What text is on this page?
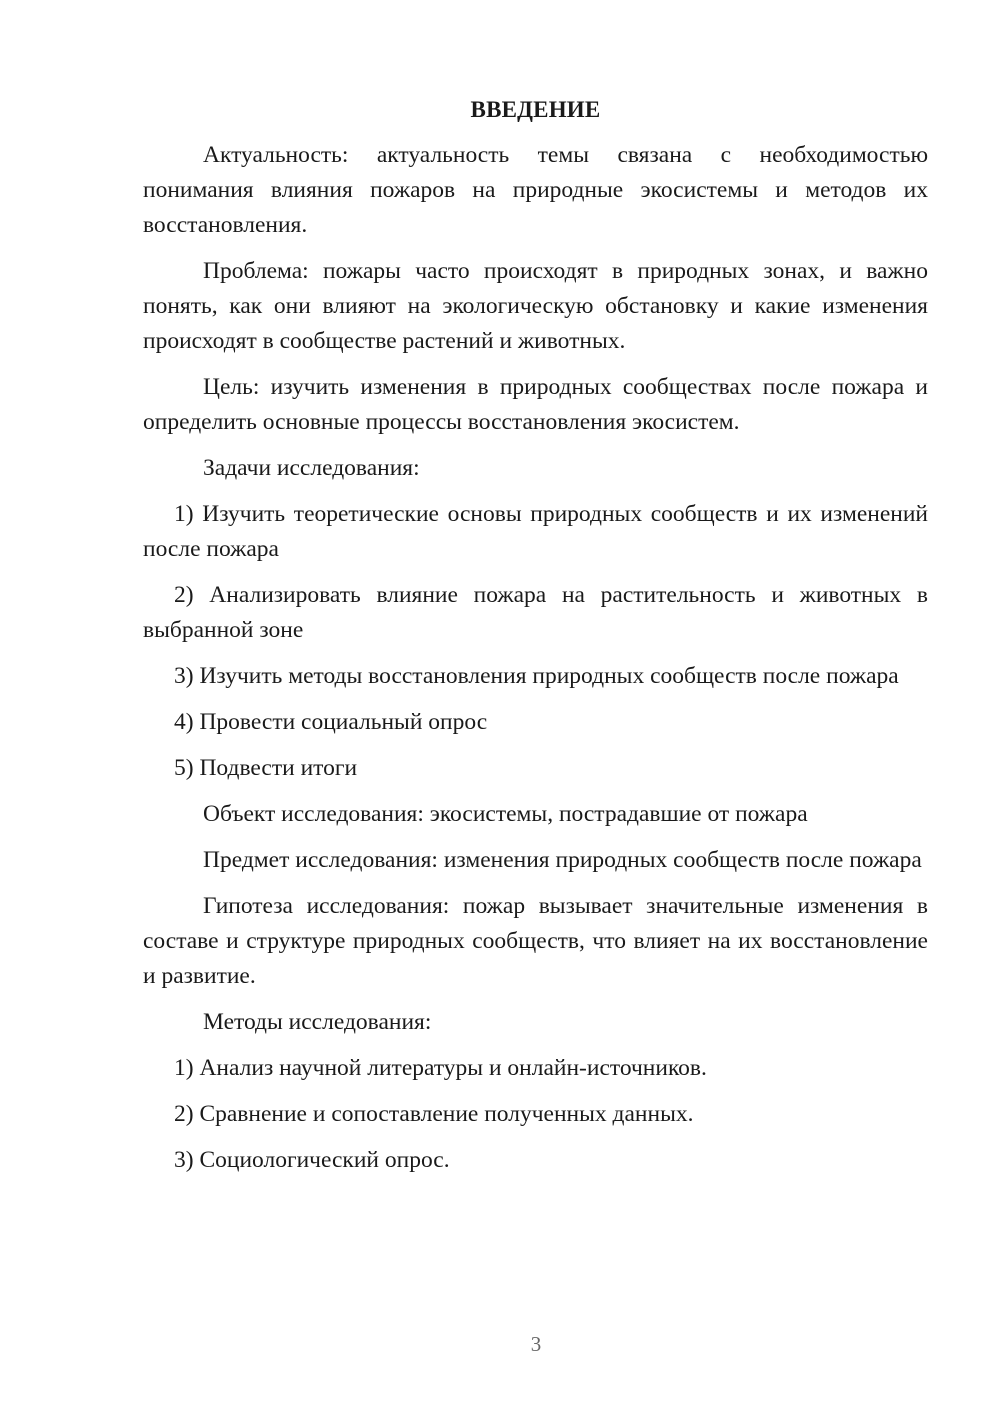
ВВЕДЕНИЕ

Актуальность: актуальность темы связана с необходимостью понимания влияния пожаров на природные экосистемы и методов их восстановления.

Проблема: пожары часто происходят в природных зонах, и важно понять, как они влияют на экологическую обстановку и какие изменения происходят в сообществе растений и животных.

Цель: изучить изменения в природных сообществах после пожара и определить основные процессы восстановления экосистем.

Задачи исследования:

1) Изучить теоретические основы природных сообществ и их изменений после пожара

2) Анализировать влияние пожара на растительность и животных в выбранной зоне

3) Изучить методы восстановления природных сообществ после пожара

4) Провести социальный опрос

5) Подвести итоги

Объект исследования: экосистемы, пострадавшие от пожара

Предмет исследования: изменения природных сообществ после пожара

Гипотеза исследования: пожар вызывает значительные изменения в составе и структуре природных сообществ, что влияет на их восстановление и развитие.

Методы исследования:

1) Анализ научной литературы и онлайн-источников.

2) Сравнение и сопоставление полученных данных.

3) Социологический опрос.

3
